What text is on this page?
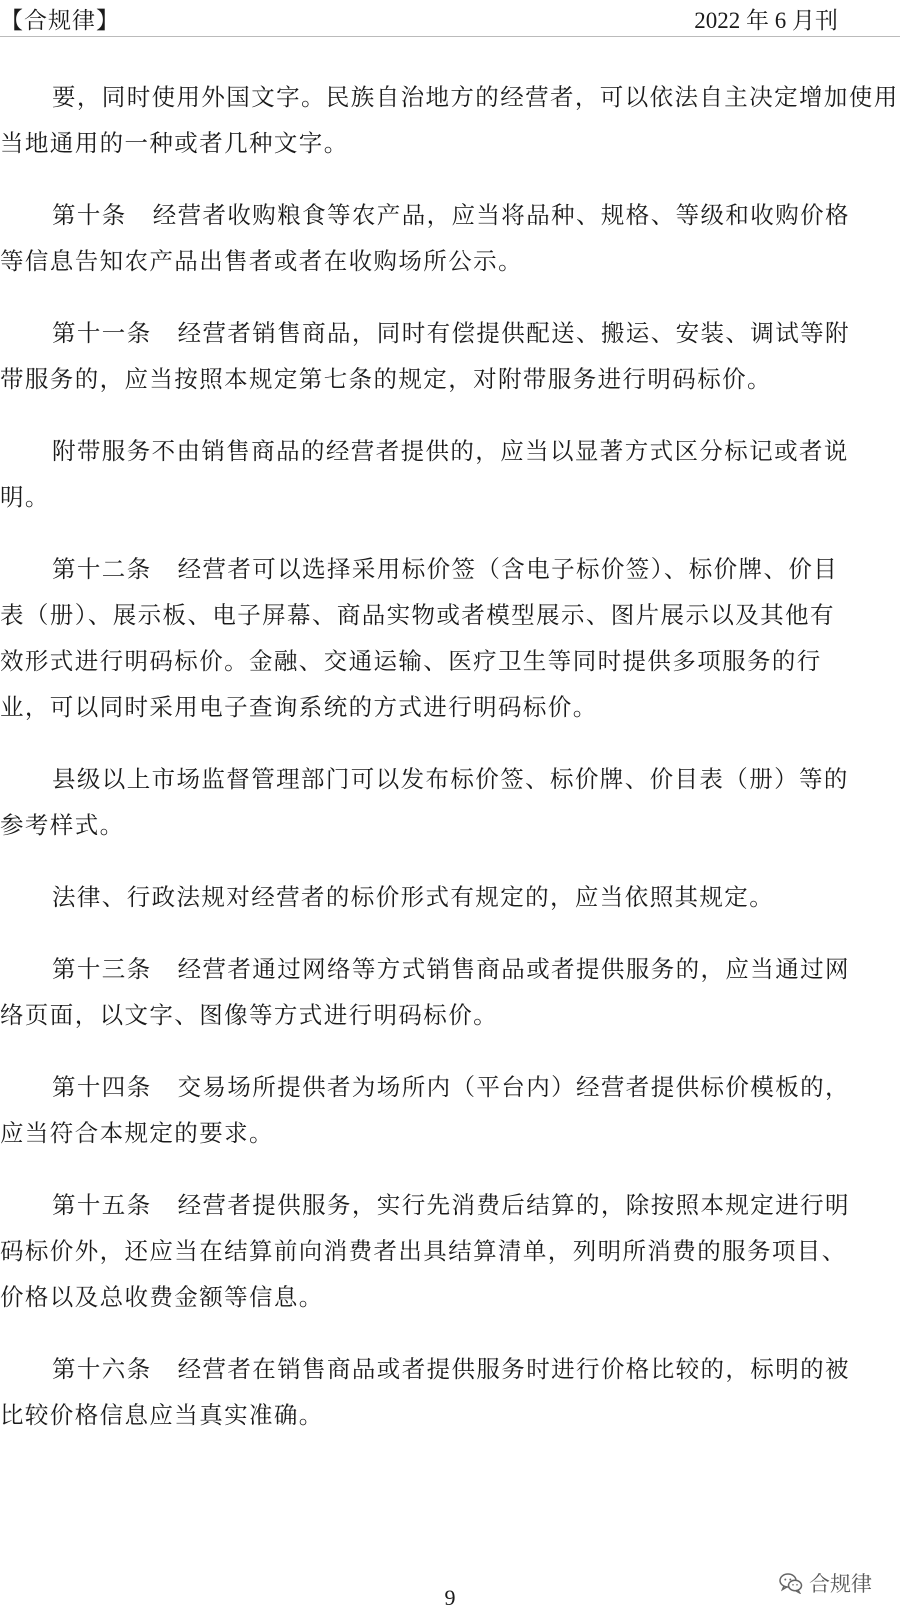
【合规律】	2022 年 6 月刊
要，同时使用外国文字。民族自治地方的经营者，可以依法自主决定增加使用
当地通用的一种或者几种文字。
第十条 经营者收购粮食等农产品，应当将品种、规格、等级和收购价格
等信息告知农产品出售者或者在收购场所公示。
第十一条 经营者销售商品，同时有偿提供配送、搬运、安装、调试等附
带服务的，应当按照本规定第七条的规定，对附带服务进行明码标价。
附带服务不由销售商品的经营者提供的，应当以显著方式区分标记或者说
明。
第十二条 经营者可以选择采用标价签（含电子标价签）、标价牌、价目
表（册）、展示板、电子屏幕、商品实物或者模型展示、图片展示以及其他有
效形式进行明码标价。金融、交通运输、医疗卫生等同时提供多项服务的行
业，可以同时采用电子查询系统的方式进行明码标价。
县级以上市场监督管理部门可以发布标价签、标价牌、价目表（册）等的
参考样式。
法律、行政法规对经营者的标价形式有规定的，应当依照其规定。
第十三条 经营者通过网络等方式销售商品或者提供服务的，应当通过网
络页面，以文字、图像等方式进行明码标价。
第十四条 交易场所提供者为场所内（平台内）经营者提供标价模板的，
应当符合本规定的要求。
第十五条 经营者提供服务，实行先消费后结算的，除按照本规定进行明
码标价外，还应当在结算前向消费者出具结算清单，列明所消费的服务项目、
价格以及总收费金额等信息。
第十六条 经营者在销售商品或者提供服务时进行价格比较的，标明的被
比较价格信息应当真实准确。
9
合规律
